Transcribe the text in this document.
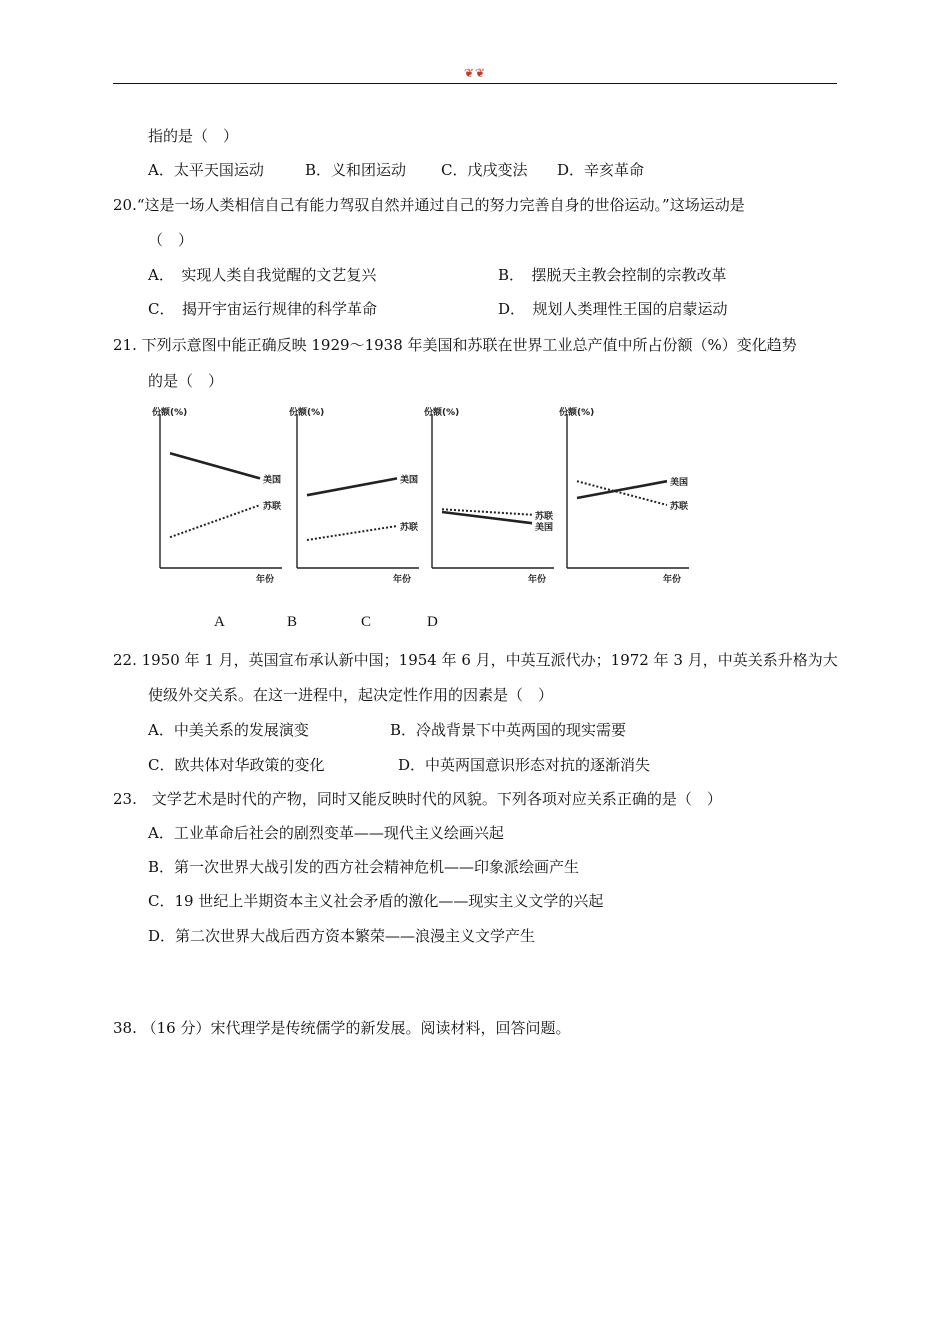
❦❦
指的是（　）
A．太平天国运动	B．义和团运动 C．戊戌变法 D．辛亥革命
20.“这是一场人类相信自己有能力驾驭自然并通过自己的努力完善自身的世俗运动。”这场运动是
（　）
A．　实现人类自我觉醒的文艺复兴	B．　摆脱天主教会控制的宗教改革
C．　揭开宇宙运行规律的科学革命	D．　规划人类理性王国的启蒙运动
21. 下列示意图中能正确反映 1929～1938 年美国和苏联在世界工业总产值中所占份额（%）变化趋势
的是（　）
份额(%)
年份
美国
苏联
份额(%)
年份
美国
苏联
份额(%)
年份
苏联
美国
份额(%)
年份
美国
苏联
A	B	C	D
22. 1950 年 1 月，英国宣布承认新中国；1954 年 6 月，中英互派代办；1972 年 3 月，中英关系升格为大
使级外交关系。在这一进程中，起决定性作用的因素是（　）
A．中美关系的发展演变	B．冷战背景下中英两国的现实需要
C．欧共体对华政策的变化	D．中英两国意识形态对抗的逐渐消失
23.　文学艺术是时代的产物，同时又能反映时代的风貌。下列各项对应关系正确的是（　）
A．工业革命后社会的剧烈变革——现代主义绘画兴起
B．第一次世界大战引发的西方社会精神危机——印象派绘画产生
C．19 世纪上半期资本主义社会矛盾的激化——现实主义文学的兴起
D．第二次世界大战后西方资本繁荣——浪漫主义文学产生
38. （16 分）宋代理学是传统儒学的新发展。阅读材料，回答问题。
